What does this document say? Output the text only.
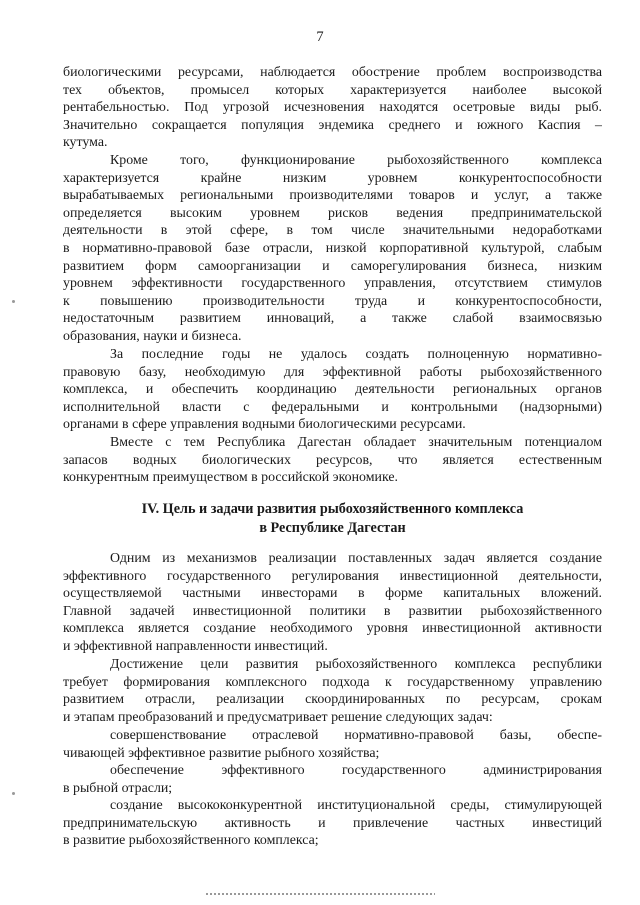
7
биологическими ресурсами, наблюдается обострение проблем воспроизводства
тех объектов, промысел которых характеризуется наиболее высокой
рентабельностью. Под угрозой исчезновения находятся осетровые виды рыб.
Значительно сокращается популяция эндемика среднего и южного Каспия –
кутума.
Кроме того, функционирование рыбохозяйственного комплекса
характеризуется крайне низким уровнем конкурентоспособности
вырабатываемых региональными производителями товаров и услуг, а также
определяется высоким уровнем рисков ведения предпринимательской
деятельности в этой сфере, в том числе значительными недоработками
в нормативно-правовой базе отрасли, низкой корпоративной культурой, слабым
развитием форм самоорганизации и саморегулирования бизнеса, низким
уровнем эффективности государственного управления, отсутствием стимулов
к повышению производительности труда и конкурентоспособности,
недостаточным развитием инноваций, а также слабой взаимосвязью
образования, науки и бизнеса.
За последние годы не удалось создать полноценную нормативно-
правовую базу, необходимую для эффективной работы рыбохозяйственного
комплекса, и обеспечить координацию деятельности региональных органов
исполнительной власти с федеральными и контрольными (надзорными)
органами в сфере управления водными биологическими ресурсами.
Вместе с тем Республика Дагестан обладает значительным потенциалом
запасов водных биологических ресурсов, что является естественным
конкурентным преимуществом в российской экономике.
IV. Цель и задачи развития рыбохозяйственного комплекса
в Республике Дагестан
Одним из механизмов реализации поставленных задач является создание
эффективного государственного регулирования инвестиционной деятельности,
осуществляемой частными инвесторами в форме капитальных вложений.
Главной задачей инвестиционной политики в развитии рыбохозяйственного
комплекса является создание необходимого уровня инвестиционной активности
и эффективной направленности инвестиций.
Достижение цели развития рыбохозяйственного комплекса республики
требует формирования комплексного подхода к государственному управлению
развитием отрасли, реализации скоординированных по ресурсам, срокам
и этапам преобразований и предусматривает решение следующих задач:
совершенствование отраслевой нормативно-правовой базы, обеспе-
чивающей эффективное развитие рыбного хозяйства;
обеспечение эффективного государственного администрирования
в рыбной отрасли;
создание высококонкурентной институциональной среды, стимулирующей
предпринимательскую активность и привлечение частных инвестиций
в развитие рыбохозяйственного комплекса;
